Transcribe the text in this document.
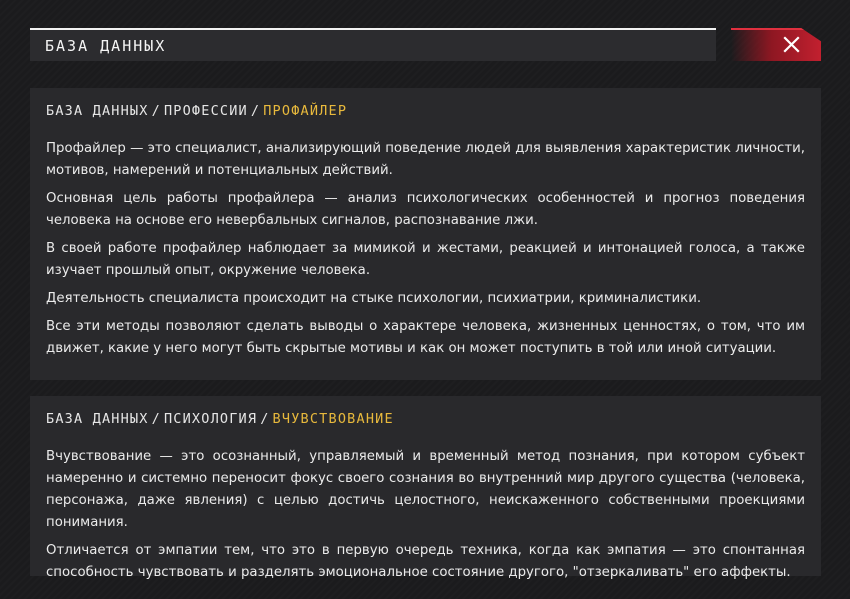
БАЗА ДАННЫХ
БАЗА ДАННЫХ / ПРОФЕССИИ / ПРОФАЙЛЕР

Профайлер — это специалист, анализирующий поведение людей для выявления характеристик личности, мотивов, намерений и потенциальных действий.

Основная цель работы профайлера — анализ психологических особенностей и прогноз поведения человека на основе его невербальных сигналов, распознавание лжи.

В своей работе профайлер наблюдает за мимикой и жестами, реакцией и интонацией голоса, а также изучает прошлый опыт, окружение человека.

Деятельность специалиста происходит на стыке психологии, психиатрии, криминалистики.

Все эти методы позволяют сделать выводы о характере человека, жизненных ценностях, о том, что им движет, какие у него могут быть скрытые мотивы и как он может поступить в той или иной ситуации.

БАЗА ДАННЫХ / ПСИХОЛОГИЯ / ВЧУВСТВОВАНИЕ

Вчувствование — это осознанный, управляемый и временный метод познания, при котором субъект намеренно и системно переносит фокус своего сознания во внутренний мир другого существа (человека, персонажа, даже явления) с целью достичь целостного, неискаженного собственными проекциями понимания.

Отличается от эмпатии тем, что это в первую очередь техника, когда как эмпатия — это спонтанная способность чувствовать и разделять эмоциональное состояние другого, "отзеркаливать" его аффекты.
